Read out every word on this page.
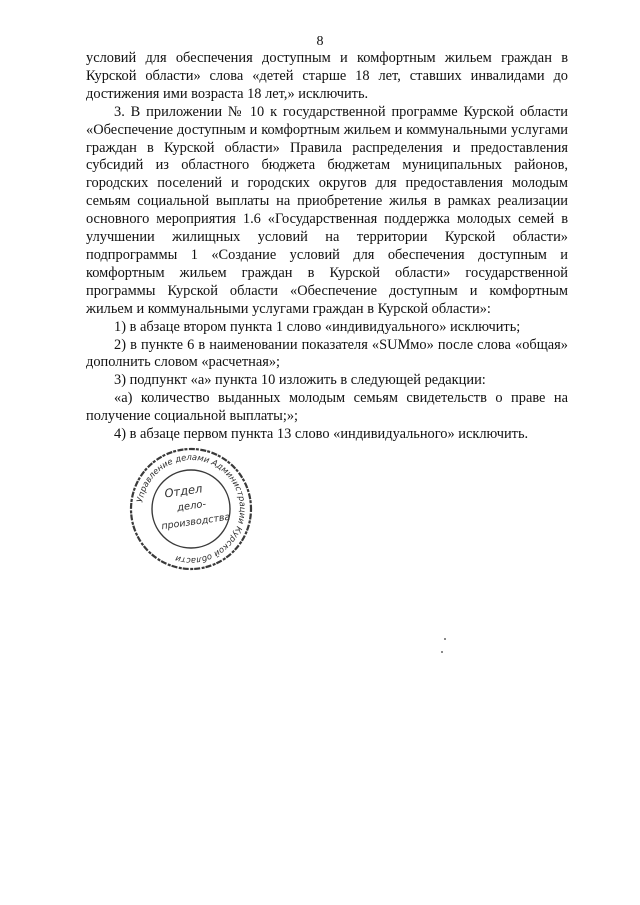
8

условий для обеспечения доступным и комфортным жильем граждан в Курской области» слова «детей старше 18 лет, ставших инвалидами до достижения ими возраста 18 лет,» исключить.

3. В приложении № 10 к государственной программе Курской области «Обеспечение доступным и комфортным жильем и коммунальными услугами граждан в Курской области» Правила распределения и предоставления субсидий из областного бюджета бюджетам муниципальных районов, городских поселений и городских округов для предоставления молодым семьям социальной выплаты на приобретение жилья в рамках реализации основного мероприятия 1.6 «Государственная поддержка молодых семей в улучшении жилищных условий на территории Курской области» подпрограммы 1 «Создание условий для обеспечения доступным и комфортным жильем граждан в Курской области» государственной программы Курской области «Обеспечение доступным и комфортным жильем и коммунальными услугами граждан в Курской области»:

1) в абзаце втором пункта 1 слово «индивидуального» исключить;

2) в пункте 6 в наименовании показателя «SUMмо» после слова «общая» дополнить словом «расчетная»;

3) подпункт «а» пункта 10 изложить в следующей редакции:

«а) количество выданных молодым семьям свидетельств о праве на получение социальной выплаты;»;

4) в абзаце первом пункта 13 слово «индивидуального» исключить.

Управление делами Администрации Курской области
Отдел
дело-
производства
